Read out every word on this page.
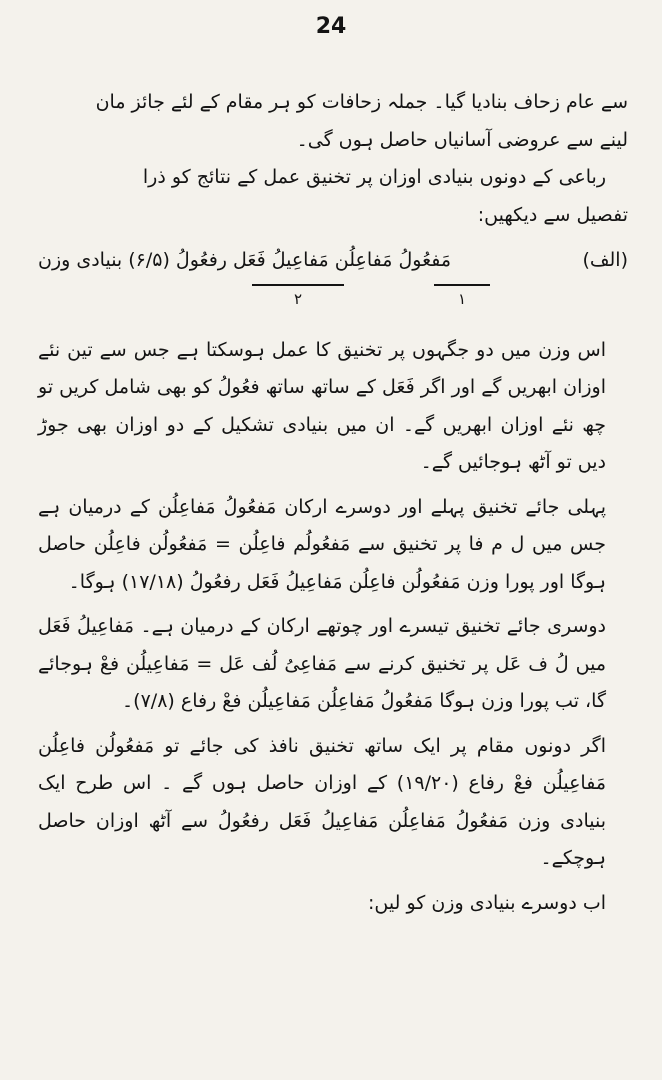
24

سے عام زحاف بنادیا گیا۔ جملہ زحافات کو ہر مقام کے لئے جائز مان

لینے سے عروضی آسانیاں حاصل ہوں گی۔

رباعی کے دونوں بنیادی اوزان پر تخنیق عمل کے نتائج کو ذرا

تفصیل سے دیکھیں:

(الف)
مَفعُولُ مَفاعِلُن مَفاعِیلُ فَعَل رفعُولُ (۶/۵) بنیادی وزن
۱
۲

اس وزن میں دو جگہوں پر تخنیق کا عمل ہوسکتا ہے جس سے تین نئے اوزان ابھریں گے اور اگر فَعَل کے ساتھ ساتھ فعُولُ کو بھی شامل کریں تو چھ نئے اوزان ابھریں گے۔ ان میں بنیادی تشکیل کے دو اوزان بھی جوڑ دیں تو آٹھ ہوجائیں گے۔

پہلی جائے تخنیق پہلے اور دوسرے ارکان مَفعُولُ مَفاعِلُن کے درمیان ہے جس میں ل م فا پر تخنیق سے مَفعُولُم فاعِلُن = مَفعُولُن فاعِلُن حاصل ہوگا اور پورا وزن مَفعُولُن فاعِلُن مَفاعِیلُ فَعَل رفعُولُ (۱۷/۱۸) ہوگا۔

دوسری جائے تخنیق تیسرے اور چوتھے ارکان کے درمیان ہے۔ مَفاعِیلُ فَعَل میں لُ ف عَل پر تخنیق کرنے سے مَفاعِیُ لُف عَل = مَفاعِیلُن فعْ ہوجائے گا، تب پورا وزن ہوگا مَفعُولُ مَفاعِلُن مَفاعِیلُن فعْ رفاع (۷/۸)۔

اگر دونوں مقام پر ایک ساتھ تخنیق نافذ کی جائے تو مَفعُولُن فاعِلُن مَفاعِیلُن فعْ رفاع (۱۹/۲۰) کے اوزان حاصل ہوں گے ۔ اس طرح ایک بنیادی وزن مَفعُولُ مَفاعِلُن مَفاعِیلُ فَعَل رفعُولُ سے آٹھ اوزان حاصل ہوچکے۔

اب دوسرے بنیادی وزن کو لیں:
